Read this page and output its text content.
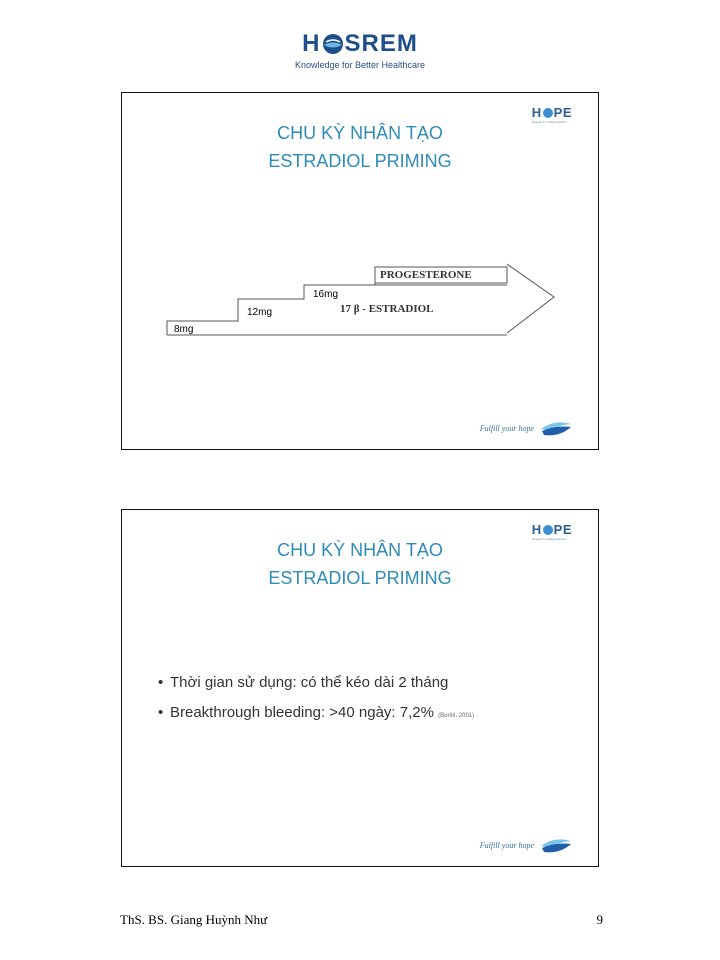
H SREM
Knowledge for Better Healthcare
H PE
Research in Reproduction
CHU KỲ NHÂN TẠO
ESTRADIOL PRIMING
8mg
12mg
16mg
PROGESTERONE
17 β - ESTRADIOL
Fulfill your hope
H PE
Research in Reproduction
CHU KỲ NHÂN TẠO
ESTRADIOL PRIMING
• Thời gian sử dụng: có thể kéo dài 2 tháng
• Breakthrough bleeding: >40 ngày: 7,2% (Borini, 2001)
Fulfill your hope
ThS. BS. Giang Huỳnh Như	9
